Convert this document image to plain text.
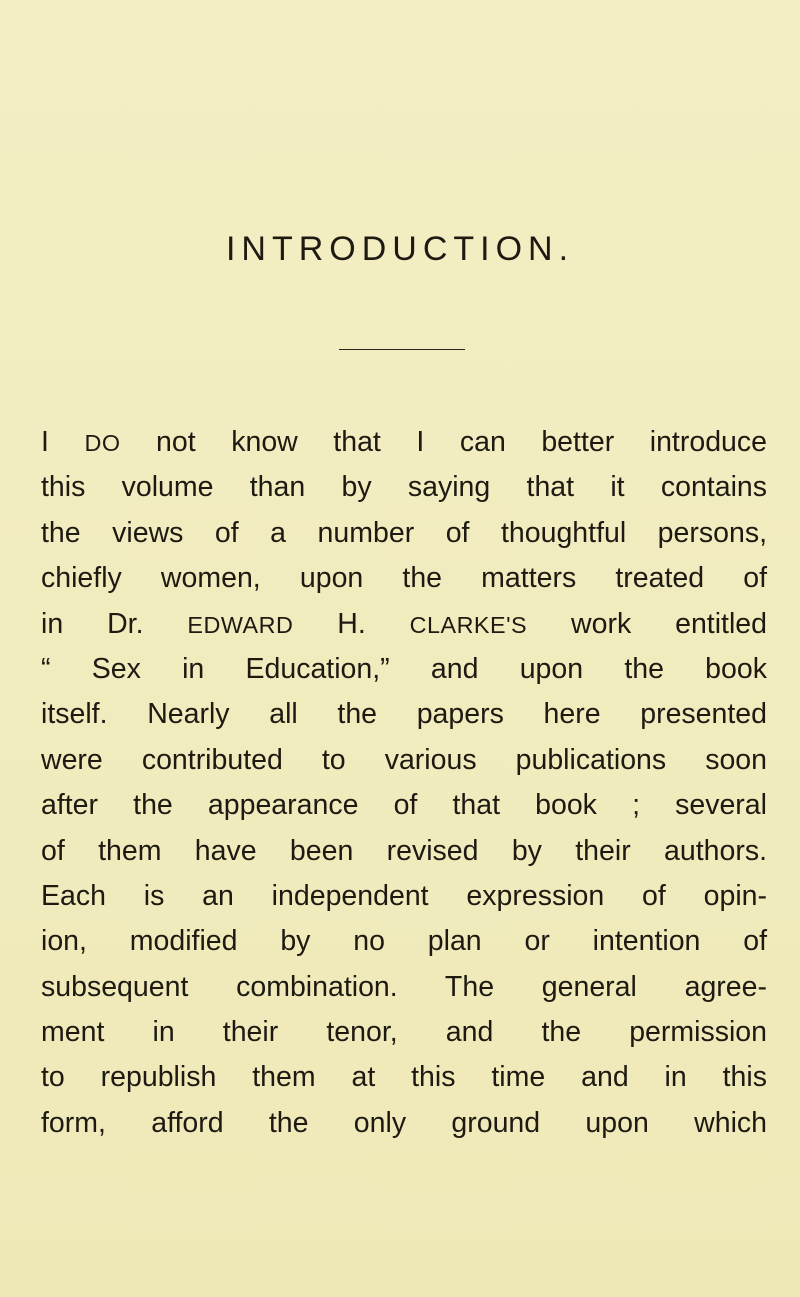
INTRODUCTION.
I DO not know that I can better introduce
this volume than by saying that it contains
the views of a number of thoughtful persons,
chiefly women, upon the matters treated of
in Dr. EDWARD H. CLARKE'S work entitled
“ Sex in Education,” and upon the book
itself. Nearly all the papers here presented
were contributed to various publications soon
after the appearance of that book ; several
of them have been revised by their authors.
Each is an independent expression of opin-
ion, modified by no plan or intention of
subsequent combination. The general agree-
ment in their tenor, and the permission
to republish them at this time and in this
form, afford the only ground upon which
